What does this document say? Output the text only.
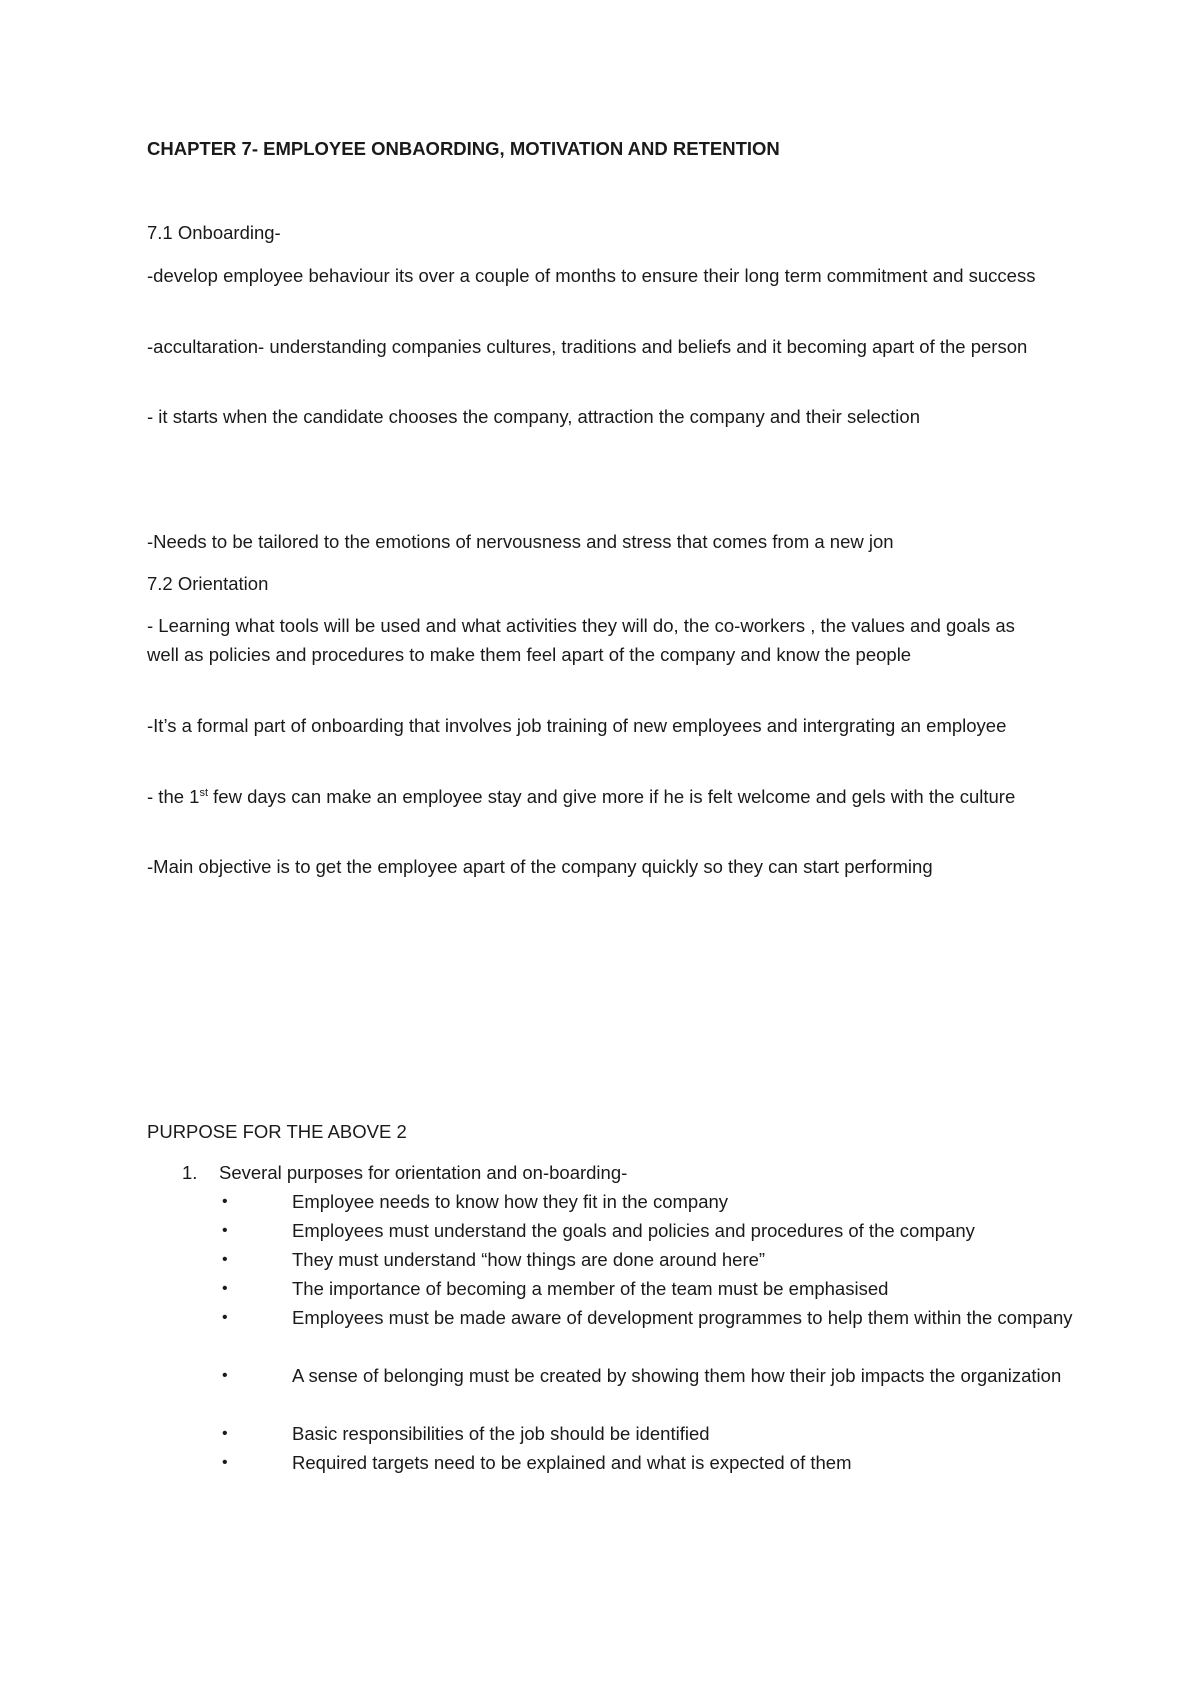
CHAPTER 7- EMPLOYEE ONBAORDING, MOTIVATION AND RETENTION

7.1 Onboarding-

-develop employee behaviour its over a couple of months to ensure their long term commitment and success

-accultaration- understanding companies cultures, traditions and beliefs and it becoming apart of the person

- it starts when the candidate chooses the company, attraction the company and their selection

-Needs to be tailored to the emotions of nervousness and stress that comes from a new jon

7.2 Orientation

- Learning what tools will be used and what activities they will do, the co-workers , the values and goals as well as policies and procedures to make them feel apart of the company and know the people

-It’s a formal part of onboarding that involves job training of new employees and intergrating an employee

- the 1st few days can make an employee stay and give more if he is felt welcome and gels with the culture

-Main objective is to get the employee apart of the company quickly so they can start performing

PURPOSE FOR THE ABOVE 2

1. Several purposes for orientation and on-boarding-
•	Employee needs to know how they fit in the company
•	Employees must understand the goals and policies and procedures of the company
•	They must understand “how things are done around here”
•	The importance of becoming a member of the team must be emphasised
•	Employees must be made aware of development programmes to help them within the company
•	A sense of belonging must be created by showing them how their job impacts the organization
•	Basic responsibilities of the job should be identified
•	Required targets need to be explained and what is expected of them
